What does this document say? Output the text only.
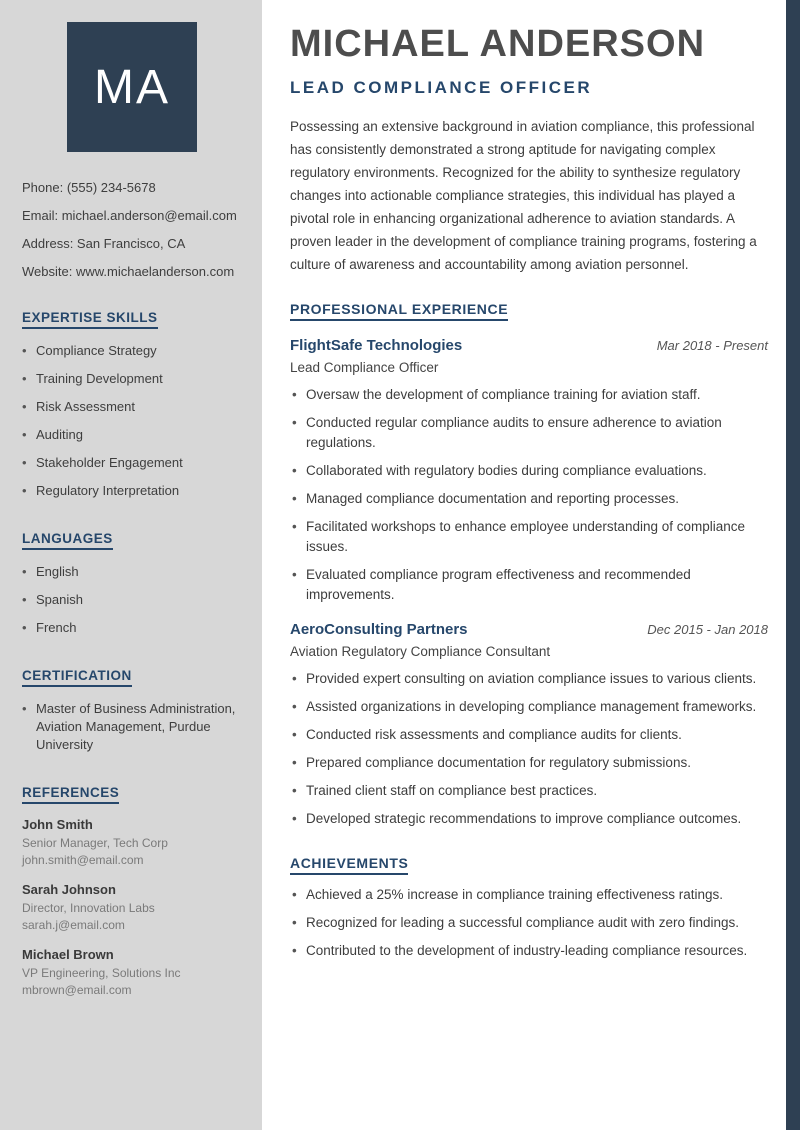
MA
Phone: (555) 234-5678
Email: michael.anderson@email.com
Address: San Francisco, CA
Website: www.michaelanderson.com
EXPERTISE SKILLS
• Compliance Strategy
• Training Development
• Risk Assessment
• Auditing
• Stakeholder Engagement
• Regulatory Interpretation
LANGUAGES
• English
• Spanish
• French
CERTIFICATION
• Master of Business Administration, Aviation Management, Purdue University
REFERENCES
John Smith
Senior Manager, Tech Corp
john.smith@email.com
Sarah Johnson
Director, Innovation Labs
sarah.j@email.com
Michael Brown
VP Engineering, Solutions Inc
mbrown@email.com
MICHAEL ANDERSON
LEAD COMPLIANCE OFFICER

Possessing an extensive background in aviation compliance, this professional has consistently demonstrated a strong aptitude for navigating complex regulatory environments. Recognized for the ability to synthesize regulatory changes into actionable compliance strategies, this individual has played a pivotal role in enhancing organizational adherence to aviation standards. A proven leader in the development of compliance training programs, fostering a culture of awareness and accountability among aviation personnel.

PROFESSIONAL EXPERIENCE
FlightSafe Technologies	Mar 2018 - Present
Lead Compliance Officer
• Oversaw the development of compliance training for aviation staff.
• Conducted regular compliance audits to ensure adherence to aviation regulations.
• Collaborated with regulatory bodies during compliance evaluations.
• Managed compliance documentation and reporting processes.
• Facilitated workshops to enhance employee understanding of compliance issues.
• Evaluated compliance program effectiveness and recommended improvements.
AeroConsulting Partners	Dec 2015 - Jan 2018
Aviation Regulatory Compliance Consultant
• Provided expert consulting on aviation compliance issues to various clients.
• Assisted organizations in developing compliance management frameworks.
• Conducted risk assessments and compliance audits for clients.
• Prepared compliance documentation for regulatory submissions.
• Trained client staff on compliance best practices.
• Developed strategic recommendations to improve compliance outcomes.
ACHIEVEMENTS
• Achieved a 25% increase in compliance training effectiveness ratings.
• Recognized for leading a successful compliance audit with zero findings.
• Contributed to the development of industry-leading compliance resources.
